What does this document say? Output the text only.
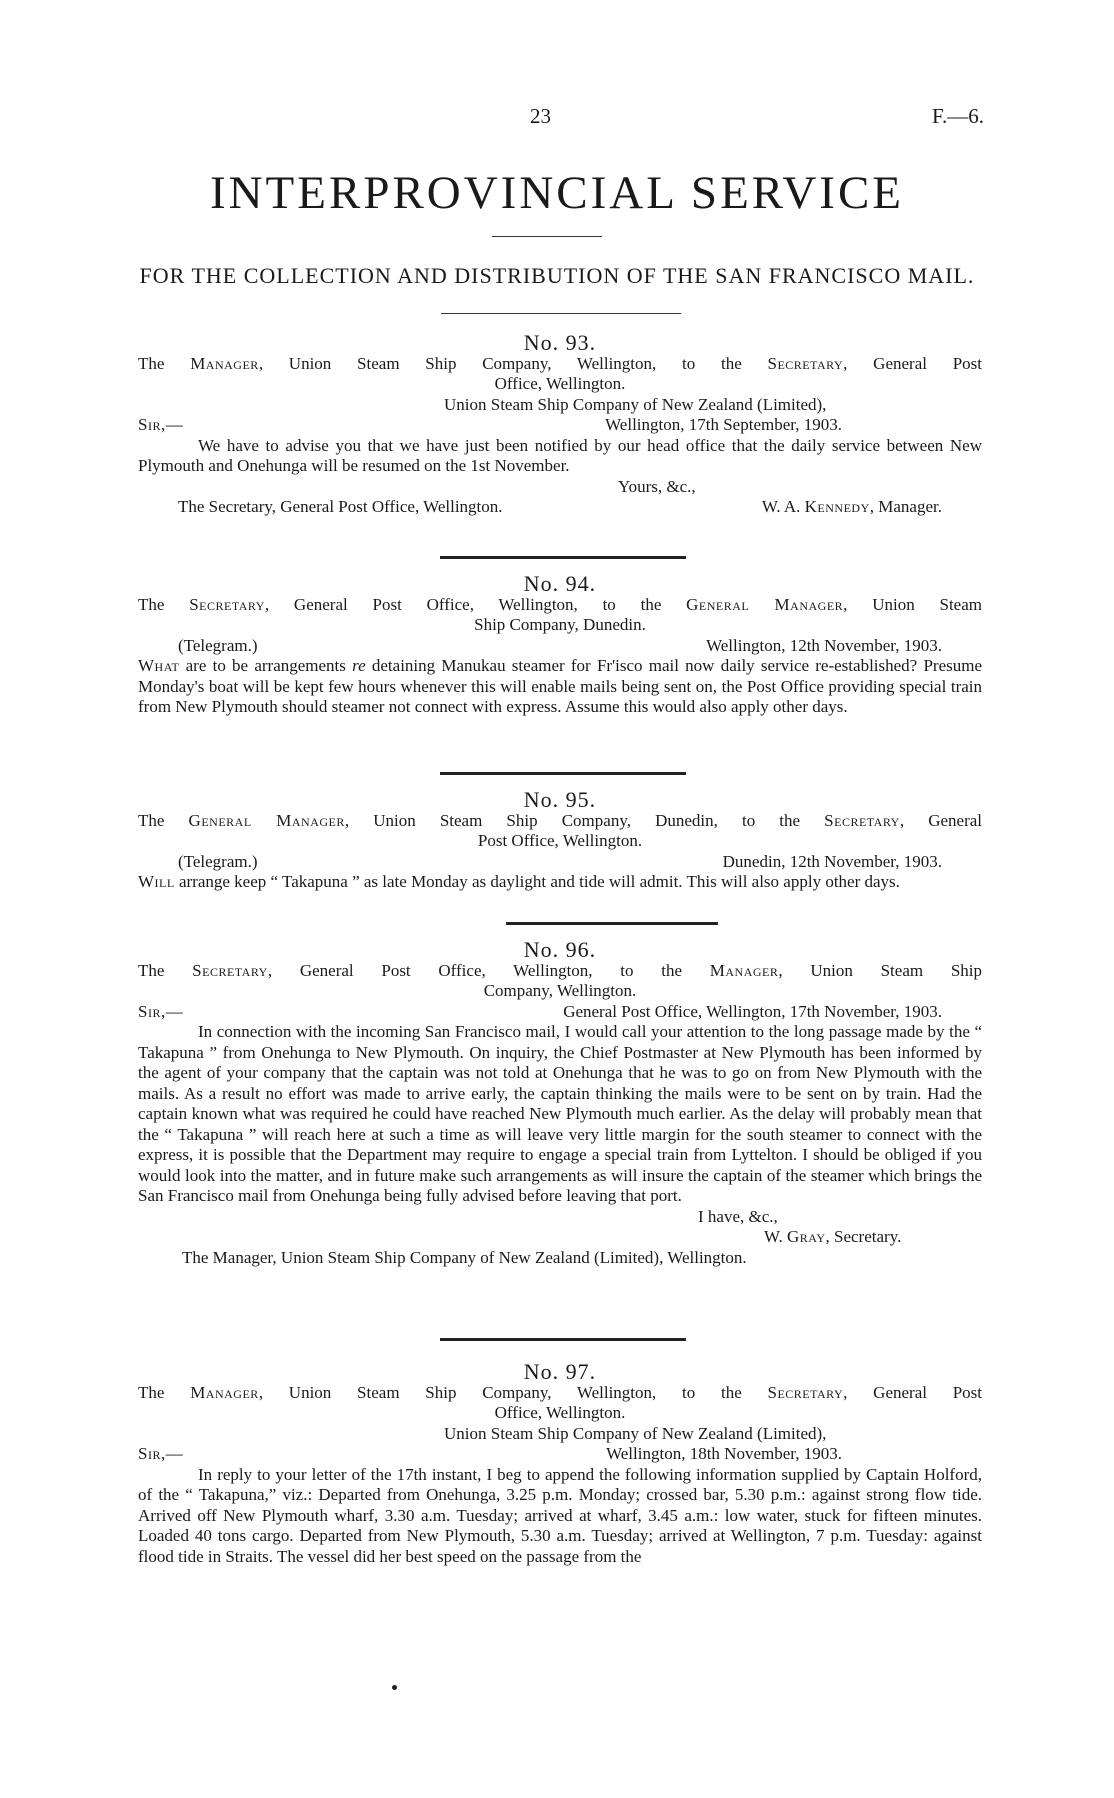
23	F.—6.
INTERPROVINCIAL SERVICE
FOR THE COLLECTION AND DISTRIBUTION OF THE SAN FRANCISCO MAIL.

No. 93.

The Manager, Union Steam Ship Company, Wellington, to the Secretary, General Post

Office, Wellington.

Union Steam Ship Company of New Zealand (Limited),

Sir,—	Wellington, 17th September, 1903.

We have to advise you that we have just been notified by our head office that the daily service between New Plymouth and Onehunga will be resumed on the 1st November.

Yours, &c.,

The Secretary, General Post Office, Wellington.	W. A. Kennedy, Manager.

No. 94.

The Secretary, General Post Office, Wellington, to the General Manager, Union Steam

Ship Company, Dunedin.

(Telegram.)	Wellington, 12th November, 1903.

What are to be arrangements re detaining Manukau steamer for Fr'isco mail now daily service re-established? Presume Monday's boat will be kept few hours whenever this will enable mails being sent on, the Post Office providing special train from New Plymouth should steamer not connect with express. Assume this would also apply other days.

No. 95.

The General Manager, Union Steam Ship Company, Dunedin, to the Secretary, General

Post Office, Wellington.

(Telegram.)	Dunedin, 12th November, 1903.

Will arrange keep “ Takapuna ” as late Monday as daylight and tide will admit. This will also apply other days.

No. 96.

The Secretary, General Post Office, Wellington, to the Manager, Union Steam Ship

Company, Wellington.

Sir,—	General Post Office, Wellington, 17th November, 1903.

In connection with the incoming San Francisco mail, I would call your attention to the long passage made by the “ Takapuna ” from Onehunga to New Plymouth. On inquiry, the Chief Postmaster at New Plymouth has been informed by the agent of your company that the captain was not told at Onehunga that he was to go on from New Plymouth with the mails. As a result no effort was made to arrive early, the captain thinking the mails were to be sent on by train. Had the captain known what was required he could have reached New Plymouth much earlier. As the delay will probably mean that the “ Takapuna ” will reach here at such a time as will leave very little margin for the south steamer to connect with the express, it is possible that the Department may require to engage a special train from Lyttelton. I should be obliged if you would look into the matter, and in future make such arrangements as will insure the captain of the steamer which brings the San Francisco mail from Onehunga being fully advised before leaving that port.

I have, &c.,

W. Gray, Secretary.

The Manager, Union Steam Ship Company of New Zealand (Limited), Wellington.

No. 97.

The Manager, Union Steam Ship Company, Wellington, to the Secretary, General Post

Office, Wellington.

Union Steam Ship Company of New Zealand (Limited),

Sir,—	Wellington, 18th November, 1903.

In reply to your letter of the 17th instant, I beg to append the following information supplied by Captain Holford, of the “ Takapuna,” viz.: Departed from Onehunga, 3.25 p.m. Monday; crossed bar, 5.30 p.m.: against strong flow tide. Arrived off New Plymouth wharf, 3.30 a.m. Tuesday; arrived at wharf, 3.45 a.m.: low water, stuck for fifteen minutes. Loaded 40 tons cargo. Departed from New Plymouth, 5.30 a.m. Tuesday; arrived at Wellington, 7 p.m. Tuesday: against flood tide in Straits. The vessel did her best speed on the passage from the
